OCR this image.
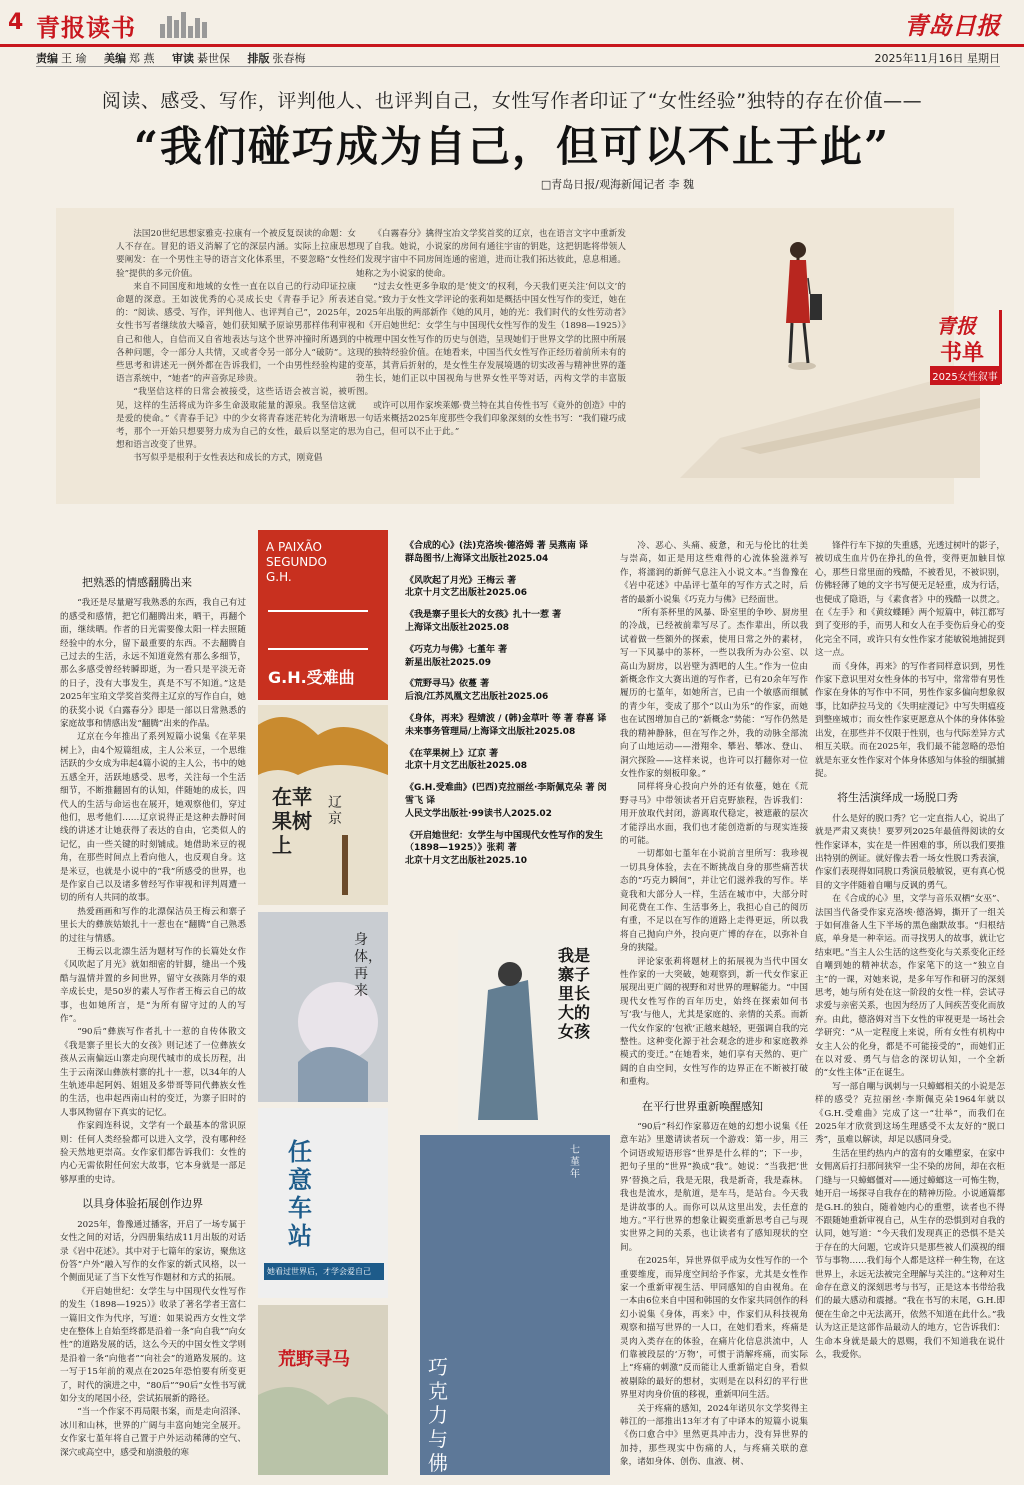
4 青报读书	青岛日报
责编 王 瑜 美编 郑 燕 审读 綦世保 排版 张春梅	2025年11月16日 星期日
阅读、感受、写作，评判他人、也评判自己，女性写作者印证了“女性经验”独特的存在价值——
“我们碰巧成为自己，但可以不止于此”
□青岛日报/观海新闻记者 李 魏

法国20世纪思想家雅克·拉康有一个被反复误读的命题：女人不存在。冒犯的语义消解了它的深层内涵。实际上拉康思想要阐发：在一个男性主导的语言文化体系里，不要忽略“女性经验”提供的多元价值。

来自不同国度和地域的女性一直在以自己的行动印证拉康命题的深意。王如波优秀的心灵成长史《青春手记》所表述的：“阅读、感受、写作，评判他人、也评判自己”，2025年，女性书写者继续放大嗓音，她们获知赋予原谅男那样伟利审视自己和他人，自信而又自省地表达与这个世界冲撞时所遇到的各种问题，令一部分人共情，又或者令另一部分人“破防”。这些思考和讲述无一例外都在告诉我们，一个由男性经验构建的语言系统中，“她者”的声音弥足珍贵。

“我坚信这样的日常会被接受，这些话语会被言说，被听见，这样的生活将成为许多生命汲取能量的源泉。我坚信这就是爱的使命。”《青春手记》中的少女将青春迷茫转化为清晰思考，那个一开始只想要努力成为自己的女性，最后以坚定的思想和语言改变了世界。

书写似乎是根利于女性表达和成长的方式，刚竟倡

《白霧春分》擒得宝冶文学奖首奖的辽京，也在语言文字中重新发现了自我。她说，小说家的房间有通往宇宙的钥匙，这把钥匙将带领人们发现宇宙中不同房间连通的密道，进而让我们拓达彼此，息息相通。她称之为小说家的使命。

“过去女性更多争取的是‘使文’的权利，今天我们更关注‘何以文’的自觉。”致力于女性文学评论的张莉如是概括中国女性写作的变迁，她在2025年出版的两部新作《她的风月，她的光：我们时代的女性劳动者》和《开启她世纪：女学生与中国现代女性写作的发生（1898—1925）》中梳理中国女性写作的历史与创造，呈现她们于世界文学的比照中所展现的独特经验价值。在她看来，中国当代女性写作正经历着前所未有的变革，其背后折射的，是女性生存发展境遇的切实改善与精神世界的蓬勃生长，她们正以中国视角与世界女性平等对话，丙构文学的丰富版图。

或许可以用作家埃莱娜·费兰特在其自传性书写《竟外的创造》中的一句话来概括2025年度那些令我们印象深刻的女性书写：“我们碰巧成为自己，但可以不止于此。”

青报
书单
2025女性叙事
把熟悉的情感翻腾出来

“我还是尽量避写我熟悉的东西，我自己有过的感受和感情，把它们翻腾出来，晒干，再翻个面，继续晒。作者的日光需要像太阳一样去照随经验中的水分，留下最重要的东西。不去翻腾自己过去的生活，永远不知道竟然有那么多细节，那么多感受曾经转瞬即逝，为一看只是平淡无奇的日子，没有大事发生，真是不写不知道。”这是2025年宝珀文学奖首奖得主辽京的写作自白，她的获奖小说《白露春分》即是一部以日常熟悉的家庭故事和情感出发“翻腾”出来的作品。

辽京在今年推出了系列短篇小说集《在苹果树上》，由4个短篇组成，主人公米豆，一个思维活跃的少女成为串起4篇小说的主人公，书中的她五感全开，活跃地感受、思考，关注每一个生活细节，不断推翻固有的认知，伴随她的成长，四代人的生活与命运也在展开，她观察他们，穿过他们，思考他们……辽京说得正是这种去静时间线的讲述才让她获得了表达的自由，它类似人的记忆，由一些关键的时刻铺成。她借助米豆的视角，在那些时间点上看向他人，也反观自身。这是米豆，也就是小说中的“我”所感受的世界，也是作家自己以及诸多曾经写作审视和评判周遭一切的所有人共同的故事。

热爱画画和写作的北漂保洁员王梅云和寨子里长大的彝族姑娘扎十一惹也在“翻腾”自己熟悉的过往与情感。

王梅云以北漂生活为题材写作的长篇处女作《风吹起了月光》就如细密的针脚，缝出一个残酷与温情并置的乡间世界，留守女孩陈月华的艰辛成长史，是50岁的素人写作者王梅云自己的故事，也如她所言，是“为所有留守过的人的写作”。

“90后”彝族写作者扎十一惹的自传体散文《我是寨子里长大的女孩》则记述了一位彝族女孩从云南偏远山寨走向现代城市的成长历程，出生于云南深山彝族村寨的扎十一惹，以34年的人生轨迹串起阿妈、姐姐及多带哥等同代彝族女性的生活，也串起西南山村的变迁，为寨子旧时的人事风物留存下真实的记忆。

作家阎连科说，文学有一个最基本的常识原则：任何人类经验都可以进入文学，没有哪种经验天然地更崇高。女作家们都告诉我们：女性的内心无需依附任何宏大故事，它本身就是一部足够厚重的史诗。

以具身体验拓展创作边界

2025年，鲁豫通过播客，开启了一场专属于女性之间的对话，分四册集结成11月出版的对话录《岩中花述》。其中对于七篇年的家访，聚焦这份答“户外”融入写作的女作家的新式风格，以一个侧面见证了当下女性写作題材和方式的拓展。

《开启她世纪：女学生与中国现代女性写作的发生（1898—1925）》收录了著名学者王富仁一篇旧文作为代序，写道：如果说西方女性文学史在整体上自始至终都是沿着一条“向自我”“向女性”的道路发展的话，这么今天的中国女性文学则是沿着一条“向他者”“向社会”的道路发展的。这一写于15年前的观点在2025年恐怕要有所变更了，时代的演进之中，“80后”“90后”女性书写就如分支的尾国小径，尝试拓展新的路径。

“当一个作家不再局限书案，而是走向沼泽、冰川和山林，世界的广阔与丰富向她完全展开。女作家七堇年将自己置于户外运动稀薄的空气、深穴或高空中，感受和崩溃般的寒

A PAIXÃO SEGUNDO G.H.
G.H.受难曲
在苹果树上
辽京
身体，再来
任意车站
她看过世界后，才学会爱自己
荒野寻马
我是寨子里长大的女孩
巧克力与佛
七堇年
《合成的心》(法)克洛埃·德洛姆 著 吴燕南 译
群岛图书/上海译文出版社2025.04
《风吹起了月光》王梅云 著
北京十月文艺出版社2025.06
《我是寨子里长大的女孩》扎十一惹 著
上海译文出版社2025.08
《巧克力与佛》七堇年 著
新星出版社2025.09
《荒野寻马》依蔓 著
后浪/江苏凤凰文艺出版社2025.06
《身体，再来》程婧波 / (韩)金草叶 等 著 春喜 译
未来事务管理局/上海译文出版社2025.08
《在苹果树上》辽京 著
北京十月文艺出版社2025.08
《G.H.受难曲》(巴西)克拉丽丝·李斯佩克朵 著 闵雪飞 译
人民文学出版社·99读书人2025.02
《开启她世纪：女学生与中国现代女性写作的发生（1898—1925）》张莉 著
北京十月文艺出版社2025.10

冷、恶心、头痛、疲惫，和无与伦比的壮美与崇高，如正是用这些难得的心流体验滋养写作，将濡润的新鲜气息注入小说文本。”当鲁豫在《岩中花述》中品评七堇年的写作方式之时，后者的最新小说集《巧克力与佛》已经面世。

“所有茶杯里的风暴、卧室里的争吵、厨房里的冷战，已经被前辈写尽了。杰作辈出，所以我试着做一些额外的探索，使用日常之外的素材，写一下风暴中的茶杯，一些以我所为办公室、以高山为厨房，以岩壁为洒吧的人生。”作为一位由新概念作文大赛出道的写作者，已有20余年写作履历的七堇年，如她所言，已由一个敏感而细腻的青少年，变成了那个“以山为乐”的作家，而她也在试图增加自己的“新概念”势能：“写作仍然是我的精神静脉，但在写作之外，我的动脉全部流向了山地运动——滑翔伞、攀岩、攀冰、登山、洞穴探险——这样来说，也许可以打翻你对一位女性作家的刻板印象。”

同样将身心投向户外的还有依蔓，她在《荒野寻马》中带领读者开启克野旅程，告诉我们：用开放取代封闭，游离取代稳定，被遮蔽的层次才能浮出水面，我们也才能创造新的与现实连接的可能。

一切都如七堇年在小说前言里所写：我珍视一切具身体验，去在不断挑战自身的那些痛苦状态的“巧克力瞬间”，并让它们滋养我的写作。毕竟我和大部分人一样，生活在城市中，大部分时间花费在工作、生活事务上，我担心自己的阅历有重，不足以在写作的道路上走得更远，所以我将自己抛向户外，投向更广博的存在，以弥补自身的狭隘。

评论家张莉将题材上的拓展视为当代中国女性作家的一大突破，她观察到，新一代女作家正展现出更广阔的视野和对世界的理解能力。“中国现代女性写作的百年历史，始终在探索如何书写‘我’与他人，尤其是家庭的、亲情的关系。而新一代女作家的‘包袱’正越来越轻，更强调自我的完整性。这种变化源于社会观念的进步和家庭教养模式的变迁。”在她看来，她们享有天然的、更广阔的自由空间，女性写作的边界正在不断被打破和重构。

在平行世界重新唤醒感知

“90后”科幻作家慕迈在她的幻想小说集《任意车站》里邀请读者玩一个游戏：第一步，用三个词语或短语形容“世界是什么样的”；下一步，把句子里的“世界”换成“我”。她说：“当我把‘世界’替换之后，我是无限，我是新奇，我是森林。我也是流水，是航道，是车马，是站台。今天我是讲故事的人。而你可以从这里出发，去任意的地方。”平行世界的想象让観奕重新思考自己与现实世界之间的关系，也让读者有了感知现状的空间。

在2025年，异世界似乎成为女性写作的一个重要维度，而异度空间给予作家，尤其是女性作家一个重新审视生活、甲同感知的自由视角。在一本由6位来自中国和韩国的女作家共同创作的科幻小说集《身体，再来》中，作家们从科技视角观察和描写世界的一人口，在她们看来，疼痛是灵肉入类存在的体验，在痛片化信息洪流中，人们靠被段层的‘万物’，可惯于消解疼痛，而实际上“疼痛的刺激”反而能让人重新锚定自身，看似被剔除的最好的想材，实则是在以科幻的平行世界里对肉身价值的移视，重新叩问生活。

关于疼痛的感知，2024年诺贝尔文学奖得主韩江的一部推出13年才有了中译本的短篇小说集《伤口愈合中》里然更具冲击力，没有异世界的加持，那些现实中伤痛的人，与疼痛关联的意象，诸如身体、创伤、血液、树、

锋件行车下掠的失重感，光透过树叶的影子，被切成生血片仍在挣扎的鱼骨，变得更加触目惊心，那些日常里面的残酷，不被看见，不被识别，仿佛轻薄了她的文字书写便无足轻重，成为行话，也便成了隐语，与《素食者》中的残酷一以贯之。在《左手》和《黄纹蝶睡》两个短篇中，韩江都写到了变形的手，而男人和女人在手变伤后身心的变化完全不同，或许只有女性作家才能敏锐地捕捉到这一点。

而《身体，再来》的写作者同样意识到，男性作家下意识里对女性身体的书写中，常常带有男性作家在身体的写作中不同，男性作家多偏向想象叙事，比如萨拉马戈的《失明症漫记》中写失明瘟疫到整座城市；而女性作家更愿意从个体的身体体验出发，在那些并不仅限于性别，也与代际差异方式相互关联。而在2025年，我们最不能忽略的恐怕就是东亚女性作家对个体身体感知与体验的细腻捕捉。

将生活演绎成一场脱口秀

什么是好的脱口秀？它一定直指人心，说出了就是严肃又爽快！要罗列2025年最值得阅读的女性作家译本，实在是一件困难的事，所以我们要推出特别的例证。就好像去看一场女性脱口秀表演，作家们表现得如同脱口秀演员般敏锐，更有真心悦目的文字伴随着自嘲与反讽的勇气。

在《合成的心》里，文学与音乐双栖“女巫”、法国当代备受作家克洛埃·德洛姆，撕开了一组关于如何准备人生下半场的黑色幽默故事。“归根结底，单身是一种幸运。而寻找男人的故事，就让它结束吧。”当主人公生活的这些变化与关系变化正经自嘲到她的精神状态，作家笔下的这一“独立自主”的一课，对她来说，是多年写作和研习的深刻思考，她与所有处在这一阶段的女性一样，尝试寻求爱与亲密关系，也因为经历了人间疾苦变化而放弃。由此，德洛姆对当下女性的审视更是一场社会学研究：“从一定程度上来说，所有女性有机构中女主人公的化身，都是不可能接受的”，而她们正在以对爱、勇气与信念的深切认知，一个全新的“女性主体”正在诞生。

写一部自嘲与讽刺与一只蟑螂相关的小说是怎样的感受？克拉丽丝·李斯佩克朵1964年就以《G.H.受难曲》完成了这一“壮举”，而我们在2025年才欣赏到这场生理感受不太友好的“脱口秀”，虽难以解读，却足以感同身受。

生活在里约热内卢的富有的女雕塑家，在家中女佣离后打扫那间狭窄一尘不染的房间，却在衣柜门缝与一只蟑螂僵对——通过蟑螂这一可怖生物，她开启一场探寻自我存在的精神历险。小说通篇都是G.H.的独白，随着她内心的重塑，读者也不得不跟随她重新审视自己，从生存的恐惧到对自我的认同，她写道：“今天我们发现真正的恐惧不是关于存在的大问题，它或许只是那些被人们漠视的细节与事物……我们每个人都是这样一种生物，在这世界上，永远无法被完全理解与关注的。”这种对生命存在意义的深刻思考与书写，正是这本书带给我们的最大感动和震撼。“我在书写的末尾，G.H.即便在生命之中无法离开，依然不知道在此什么。”我认为这正是这部作品最动人的地方，它告诉我们：生命本身就是最大的恩赐，我们不知道我在说什么，我爱你。
